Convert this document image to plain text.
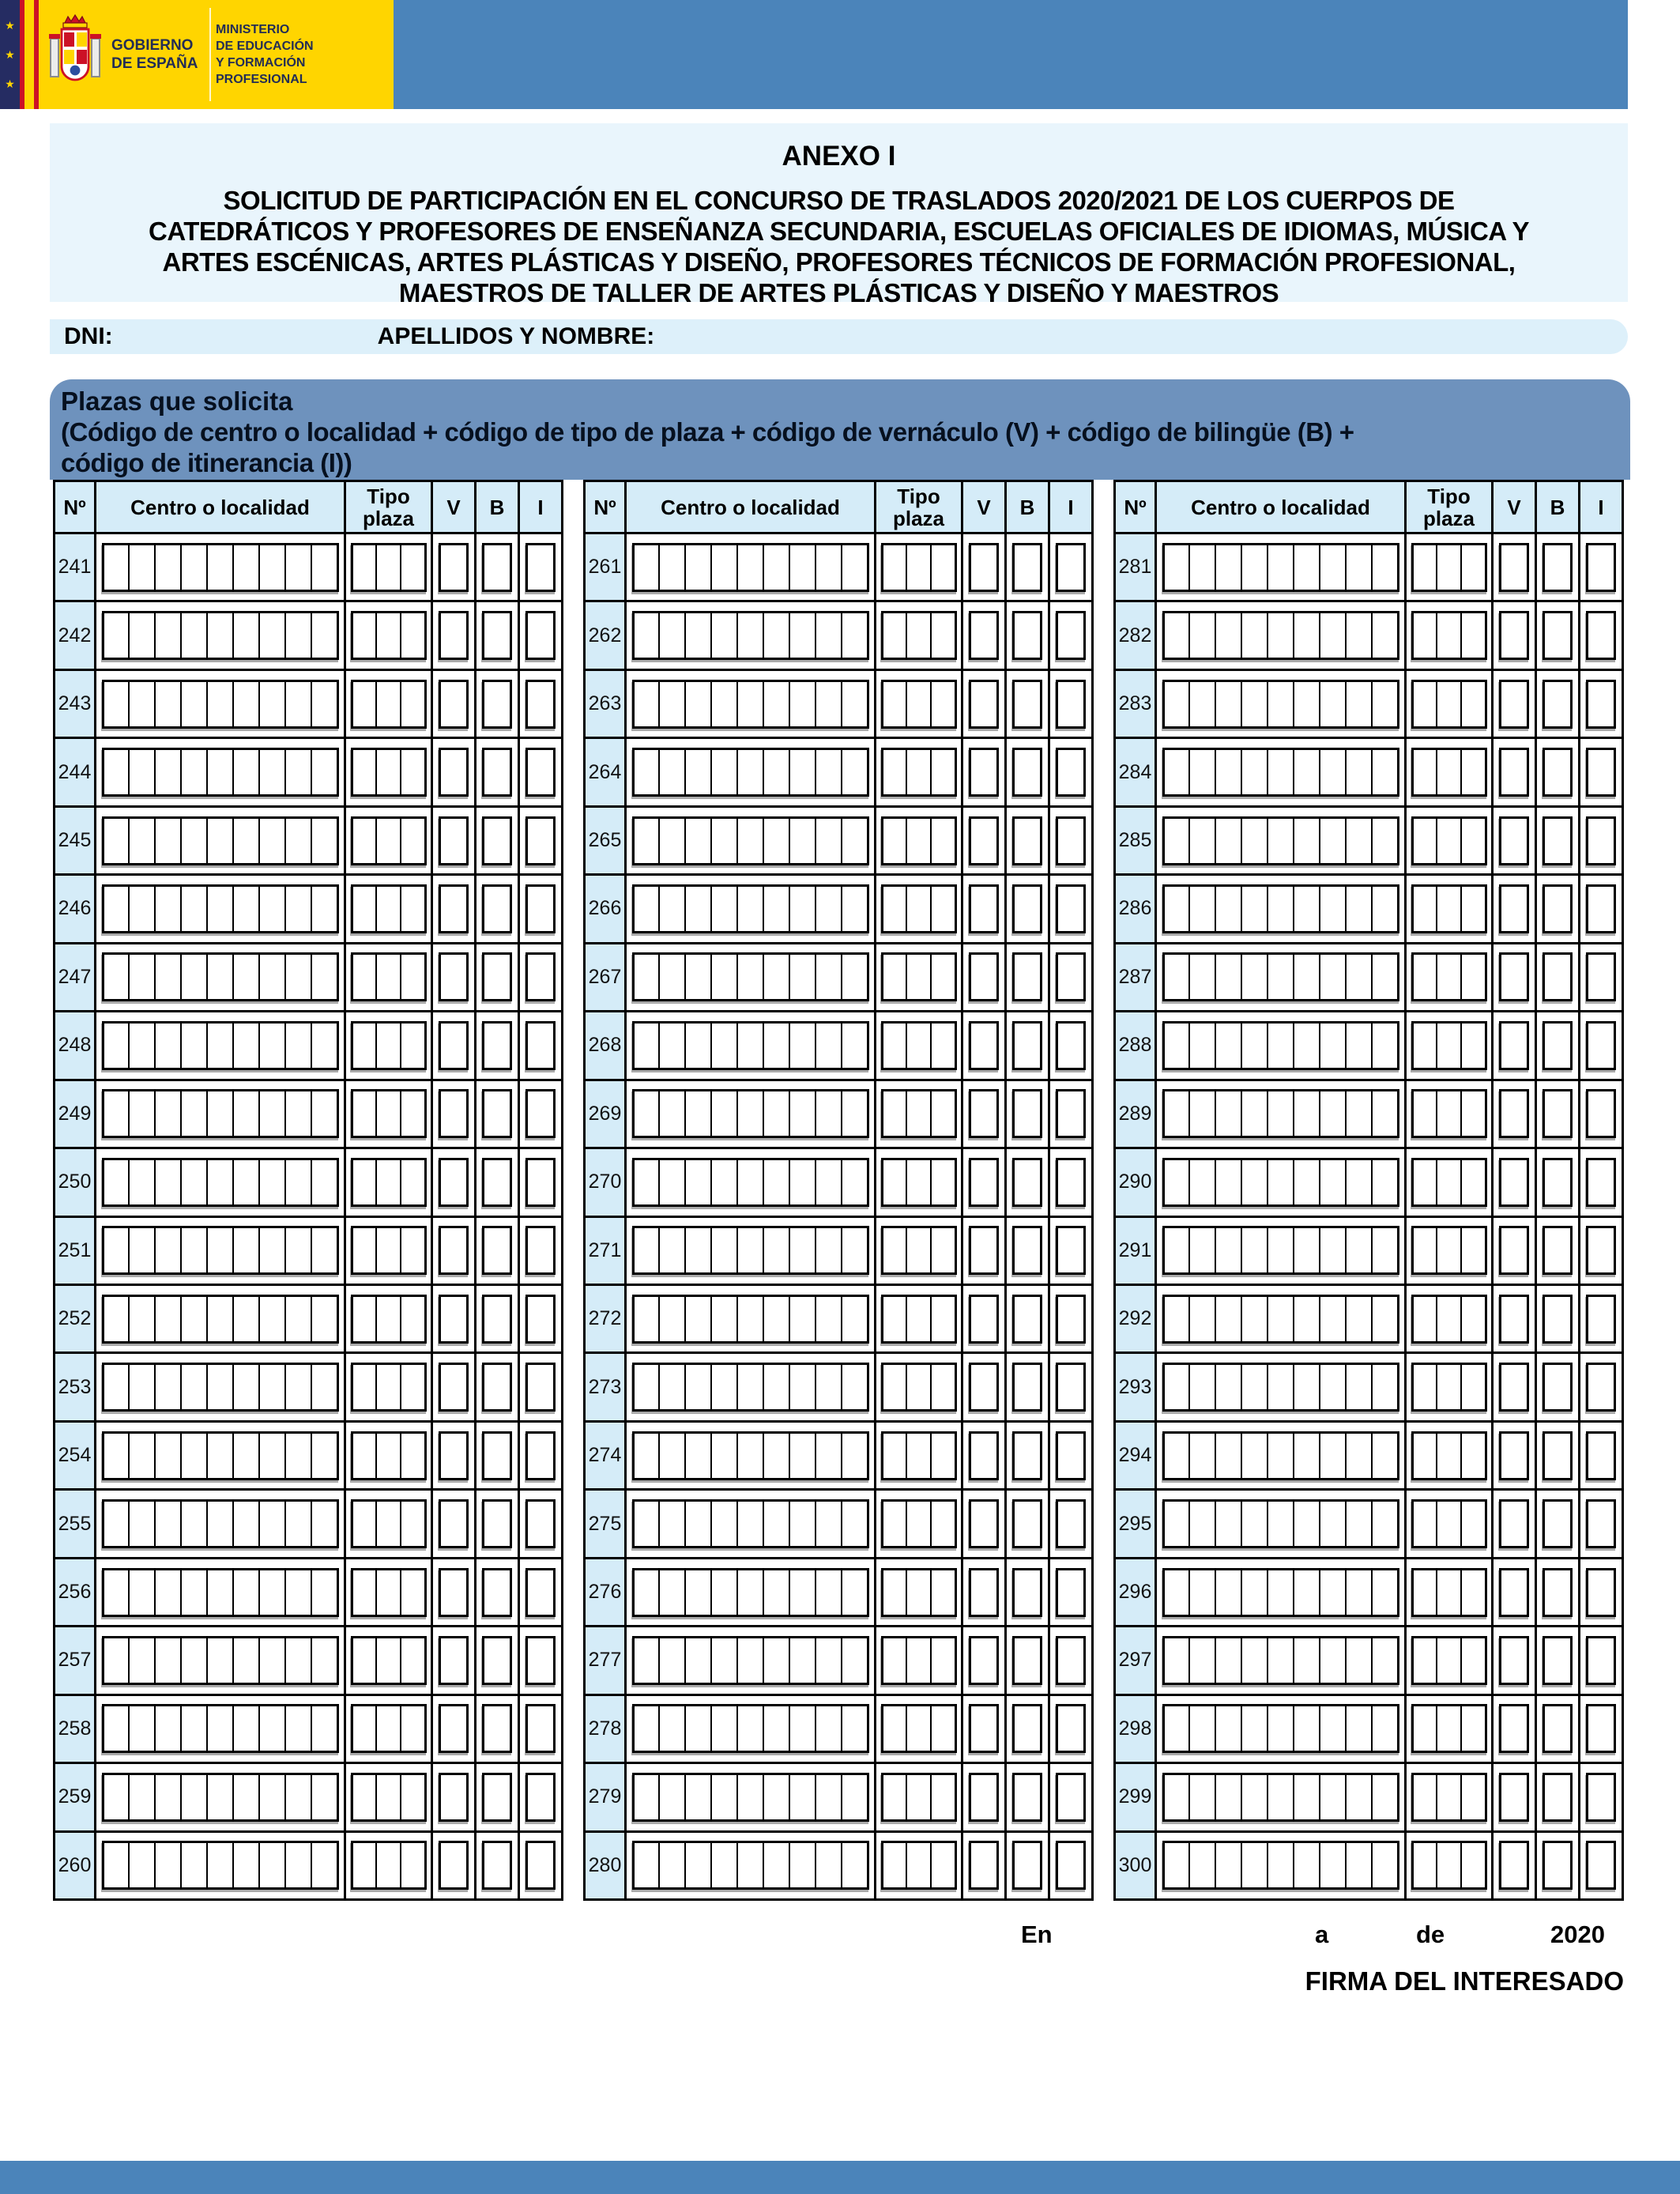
★
★
★
GOBIERNO
DE ESPAÑA
MINISTERIO
DE EDUCACIÓN
Y FORMACIÓN PROFESIONAL
ANEXO I
SOLICITUD DE PARTICIPACIÓN EN EL CONCURSO DE TRASLADOS 2020/2021 DE LOS CUERPOS DE
CATEDRÁTICOS Y PROFESORES DE ENSEÑANZA SECUNDARIA, ESCUELAS OFICIALES DE IDIOMAS, MÚSICA Y
ARTES ESCÉNICAS, ARTES PLÁSTICAS Y DISEÑO, PROFESORES TÉCNICOS DE FORMACIÓN PROFESIONAL,
MAESTROS DE TALLER DE ARTES PLÁSTICAS Y DISEÑO Y MAESTROS
DNI:	APELLIDOS Y NOMBRE:
Plazas que solicita
(Código de centro o localidad + código de tipo de plaza + código de vernáculo (V) + código de bilingüe (B) +
código de itinerancia (I))
Nº	Centro o localidad	Tipo
plaza	V	B	I
241
242
243
244
245
246
247
248
249
250
251
252
253
254
255
256
257
258
259
260
Nº	Centro o localidad	Tipo
plaza	V	B	I
261
262
263
264
265
266
267
268
269
270
271
272
273
274
275
276
277
278
279
280
Nº	Centro o localidad	Tipo
plaza	V	B	I
281
282
283
284
285
286
287
288
289
290
291
292
293
294
295
296
297
298
299
300
En	a	de	2020
FIRMA DEL INTERESADO
